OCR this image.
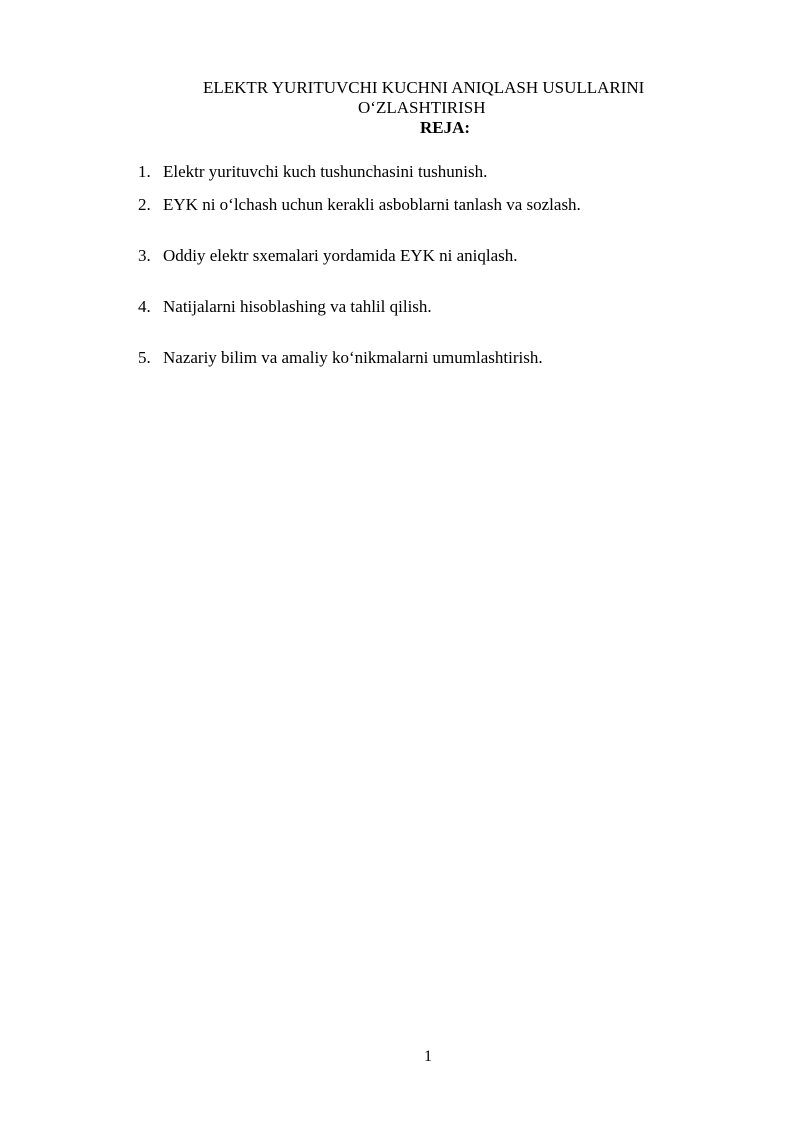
ELEKTR YURITUVCHI KUCHNI ANIQLASH USULLARINI
O‘ZLASHTIRISH
REJA:
1. Elektr yurituvchi kuch tushunchasini tushunish.
2. EYK ni o‘lchash uchun kerakli asboblarni tanlash va sozlash.
3. Oddiy elektr sxemalari yordamida EYK ni aniqlash.
4. Natijalarni hisoblashing va tahlil qilish.
5. Nazariy bilim va amaliy ko‘nikmalarni umumlashtirish.
1
